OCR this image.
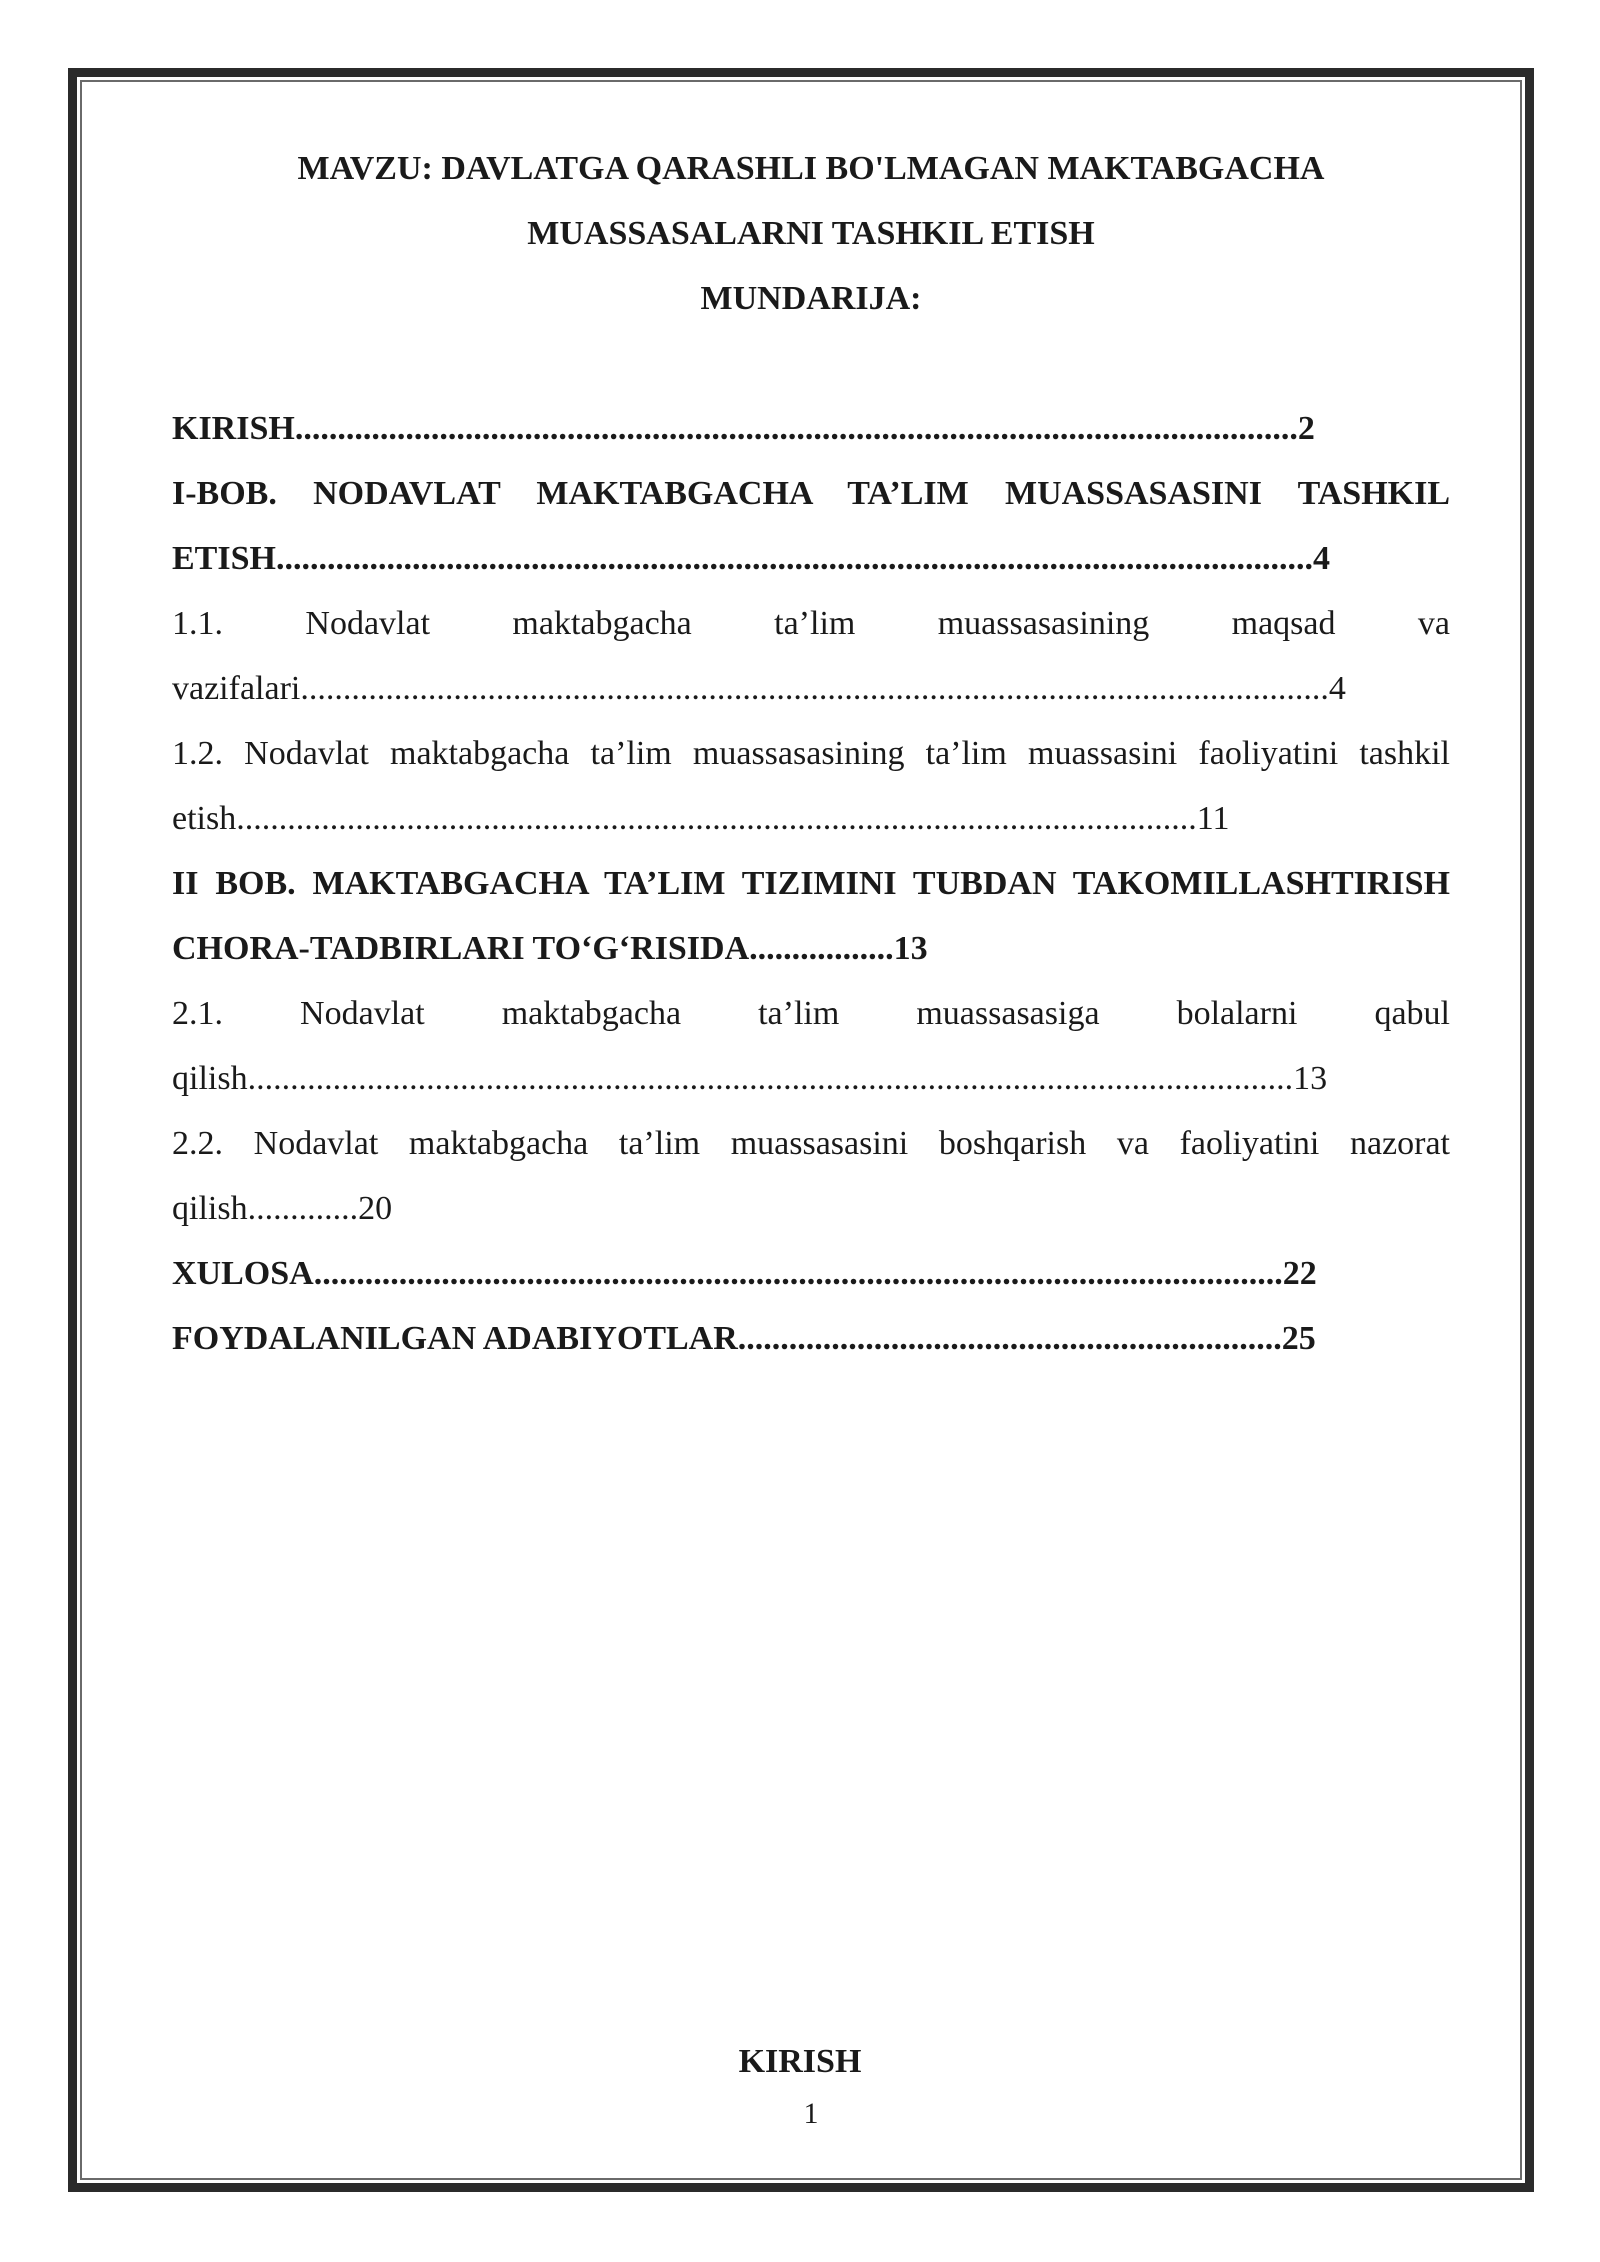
MAVZU: DAVLATGA QARASHLI BO'LMAGAN MAKTABGACHA

MUASSASALARNI TASHKIL ETISH

MUNDARIJA:

KIRISH......................................................................................................................2

I-BOB. NODAVLAT MAKTABGACHA TA’LIM MUASSASASINI TASHKIL ETISH..........................................................................................................................4

1.1. Nodavlat maktabgacha ta’lim muassasasining maqsad va vazifalari.........................................................................................................................4

1.2. Nodavlat maktabgacha ta’lim muassasasining ta’lim muassasini faoliyatini tashkil etish.................................................................................................................11

II BOB. MAKTABGACHA TA’LIM TIZIMINI TUBDAN TAKOMILLASHTIRISH CHORA-TADBIRLARI TO‘G‘RISIDA.................13

2.1. Nodavlat maktabgacha ta’lim muassasasiga bolalarni qabul qilish...........................................................................................................................13

2.2. Nodavlat maktabgacha ta’lim muassasasini boshqarish va faoliyatini nazorat qilish.............20

XULOSA..................................................................................................................22

FOYDALANILGAN ADABIYOTLAR................................................................25

KIRISH
1
